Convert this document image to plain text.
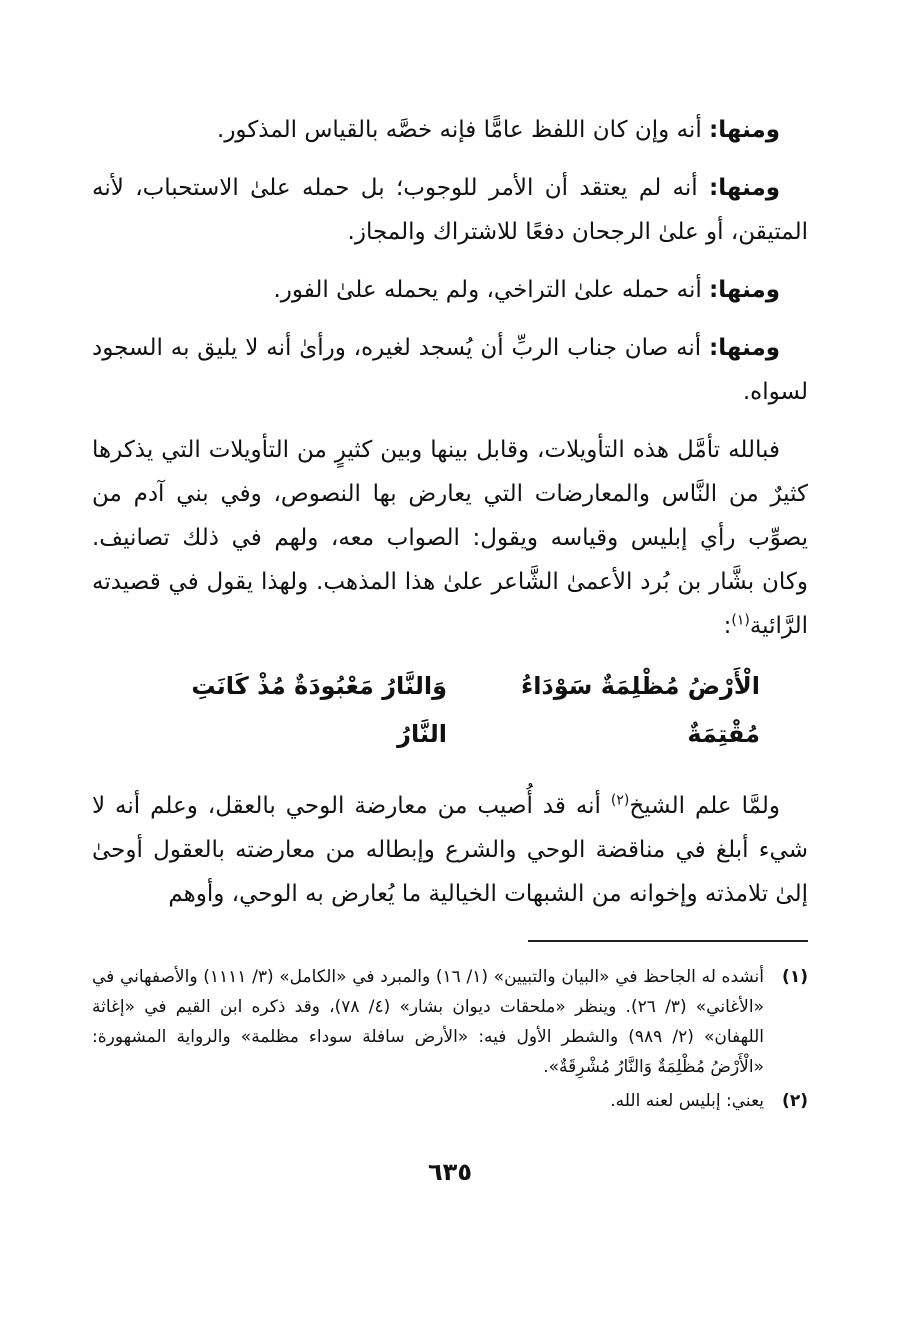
ومنها: أنه وإن كان اللفظ عامًّا فإنه خصَّه بالقياس المذكور.

ومنها: أنه لم يعتقد أن الأمر للوجوب؛ بل حمله علىٰ الاستحباب، لأنه المتيقن، أو علىٰ الرجحان دفعًا للاشتراك والمجاز.

ومنها: أنه حمله علىٰ التراخي، ولم يحمله علىٰ الفور.

ومنها: أنه صان جناب الربِّ أن يُسجد لغيره، ورأىٰ أنه لا يليق به السجود لسواه.

فبالله تأمَّل هذه التأويلات، وقابل بينها وبين كثيرٍ من التأويلات التي يذكرها كثيرٌ من النَّاس والمعارضات التي يعارض بها النصوص، وفي بني آدم من يصوِّب رأي إبليس وقياسه ويقول: الصواب معه، ولهم في ذلك تصانيف. وكان بشَّار بن بُرد الأعمىٰ الشَّاعر علىٰ هذا المذهب. ولهذا يقول في قصيدته الرَّائية$^{(١)}$:

الْأَرْضُ مُظْلِمَةٌ سَوْدَاءُ مُقْتِمَةٌ
وَالنَّارُ مَعْبُودَةٌ مُذْ كَانَتِ النَّارُ

ولمَّا علم الشيخ$^{(٢)}$ أنه قد أُصيب من معارضة الوحي بالعقل، وعلم أنه لا شيء أبلغ في مناقضة الوحي والشرع وإبطاله من معارضته بالعقول أوحىٰ إلىٰ تلامذته وإخوانه من الشبهات الخيالية ما يُعارض به الوحي، وأوهم

(١)
أنشده له الجاحظ في «البيان والتبيين» (١/ ١٦) والمبرد في «الكامل» (٣/ ١١١١) والأصفهاني في «الأغاني» (٣/ ٢٦). وينظر «ملحقات ديوان بشار» (٤/ ٧٨)، وقد ذكره ابن القيم في «إغاثة اللهفان» (٢/ ٩٨٩) والشطر الأول فيه: «الأرض سافلة سوداء مظلمة» والرواية المشهورة: «الْأَرْضُ مُظْلِمَةٌ وَالنَّارُ مُشْرِقَةٌ».
(٢)
يعني: إبليس لعنه الله.
٦٣٥
